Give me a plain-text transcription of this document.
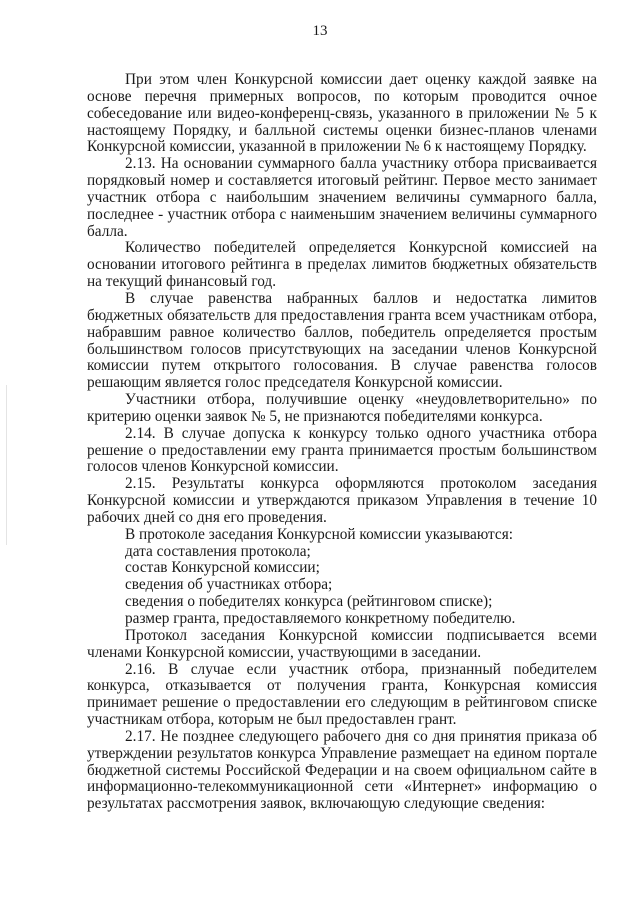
13

При этом член Конкурсной комиссии дает оценку каждой заявке на основе перечня примерных вопросов, по которым проводится очное собеседование или видео-конференц-связь, указанного в приложении № 5 к настоящему Порядку, и балльной системы оценки бизнес-планов членами Конкурсной комиссии, указанной в приложении № 6 к настоящему Порядку.

2.13. На основании суммарного балла участнику отбора присваивается порядковый номер и составляется итоговый рейтинг. Первое место занимает участник отбора с наибольшим значением величины суммарного балла, последнее - участник отбора с наименьшим значением величины суммарного балла.

Количество победителей определяется Конкурсной комиссией на основании итогового рейтинга в пределах лимитов бюджетных обязательств на текущий финансовый год.

В случае равенства набранных баллов и недостатка лимитов бюджетных обязательств для предоставления гранта всем участникам отбора, набравшим равное количество баллов, победитель определяется простым большинством голосов присутствующих на заседании членов Конкурсной комиссии путем открытого голосования. В случае равенства голосов решающим является голос председателя Конкурсной комиссии.

Участники отбора, получившие оценку «неудовлетворительно» по критерию оценки заявок № 5, не признаются победителями конкурса.

2.14. В случае допуска к конкурсу только одного участника отбора решение о предоставлении ему гранта принимается простым большинством голосов членов Конкурсной комиссии.

2.15. Результаты конкурса оформляются протоколом заседания Конкурсной комиссии и утверждаются приказом Управления в течение 10 рабочих дней со дня его проведения.

В протоколе заседания Конкурсной комиссии указываются:

дата составления протокола;

состав Конкурсной комиссии;

сведения об участниках отбора;

сведения о победителях конкурса (рейтинговом списке);

размер гранта, предоставляемого конкретному победителю.

Протокол заседания Конкурсной комиссии подписывается всеми членами Конкурсной комиссии, участвующими в заседании.

2.16. В случае если участник отбора, признанный победителем конкурса, отказывается от получения гранта, Конкурсная комиссия принимает решение о предоставлении его следующим в рейтинговом списке участникам отбора, которым не был предоставлен грант.

2.17. Не позднее следующего рабочего дня со дня принятия приказа об утверждении результатов конкурса Управление размещает на едином портале бюджетной системы Российской Федерации и на своем официальном сайте в информационно-телекоммуникационной сети «Интернет» информацию о результатах рассмотрения заявок, включающую следующие сведения:
